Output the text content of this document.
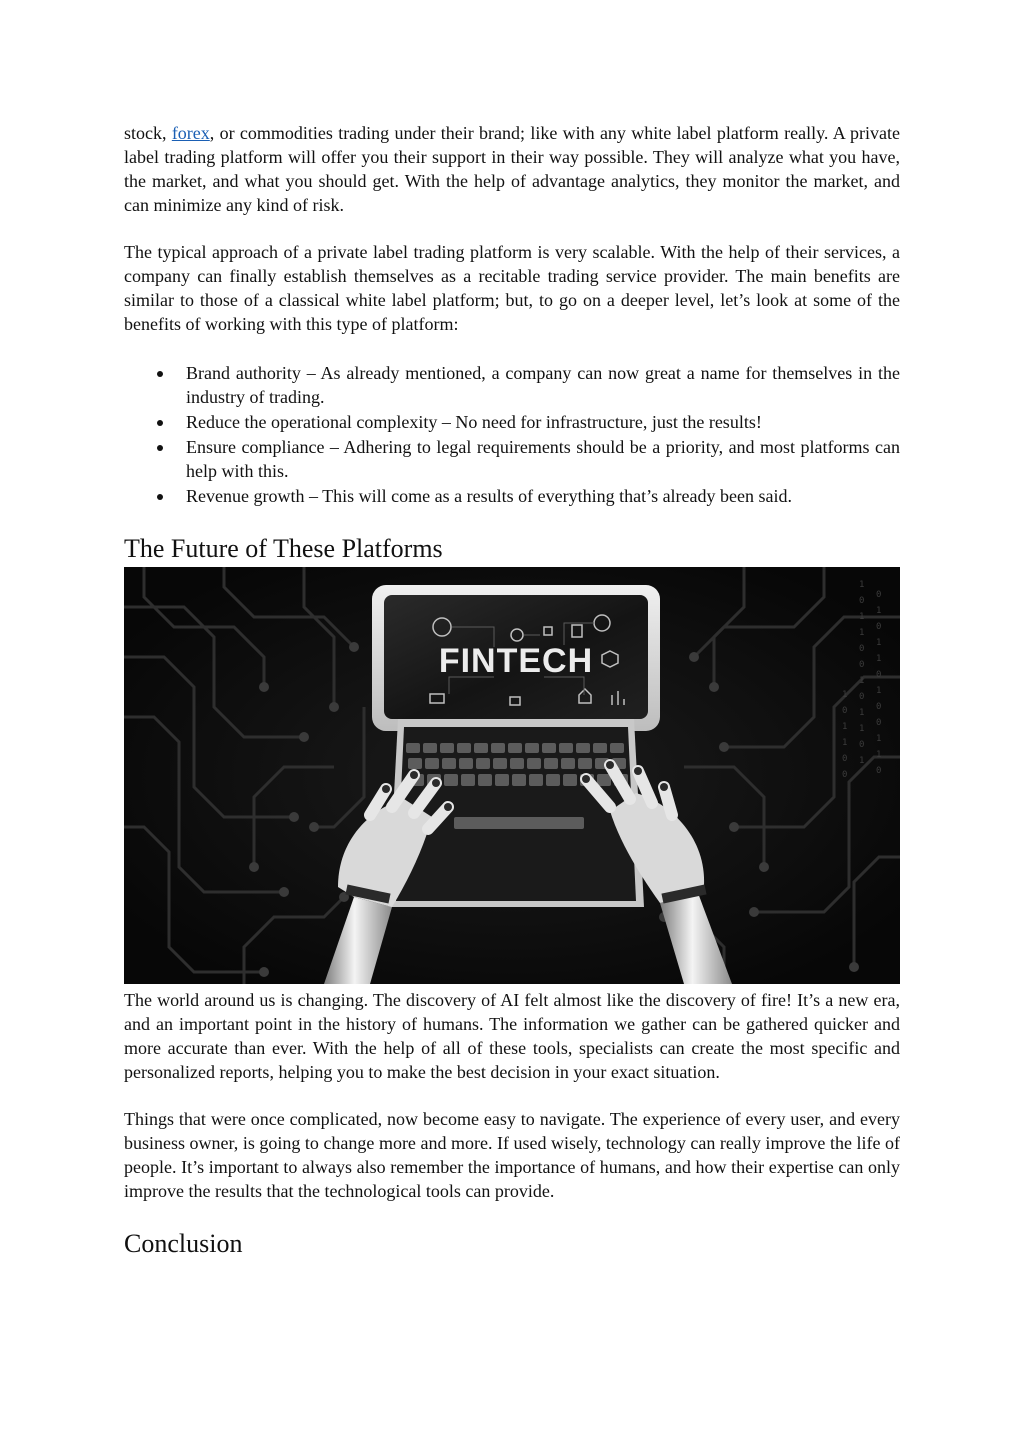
stock, forex, or commodities trading under their brand; like with any white label platform really. A private label trading platform will offer you their support in their way possible. They will analyze what you have, the market, and what you should get. With the help of advantage analytics, they monitor the market, and can minimize any kind of risk.

The typical approach of a private label trading platform is very scalable. With the help of their services, a company can finally establish themselves as a recitable trading service provider. The main benefits are similar to those of a classical white label platform; but, to go on a deeper level, let’s look at some of the benefits of working with this type of platform:

Brand authority – As already mentioned, a company can now great a name for themselves in the industry of trading.
Reduce the operational complexity – No need for infrastructure, just the results!
Ensure compliance – Adhering to legal requirements should be a priority, and most platforms can help with this.
Revenue growth – This will come as a results of everything that’s already been said.
The Future of These Platforms
1
0
1
1
0
0
1
0
1
1
0
1
0
1
0
1
1
0
1
0
0
1
1
0
1
0
1
1
0
0
FINTECH

The world around us is changing. The discovery of AI felt almost like the discovery of fire! It’s a new era, and an important point in the history of humans. The information we gather can be gathered quicker and more accurate than ever. With the help of all of these tools, specialists can create the most specific and personalized reports, helping you to make the best decision in your exact situation.

Things that were once complicated, now become easy to navigate. The experience of every user, and every business owner, is going to change more and more. If used wisely, technology can really improve the life of people. It’s important to always also remember the importance of humans, and how their expertise can only improve the results that the technological tools can provide.

Conclusion
